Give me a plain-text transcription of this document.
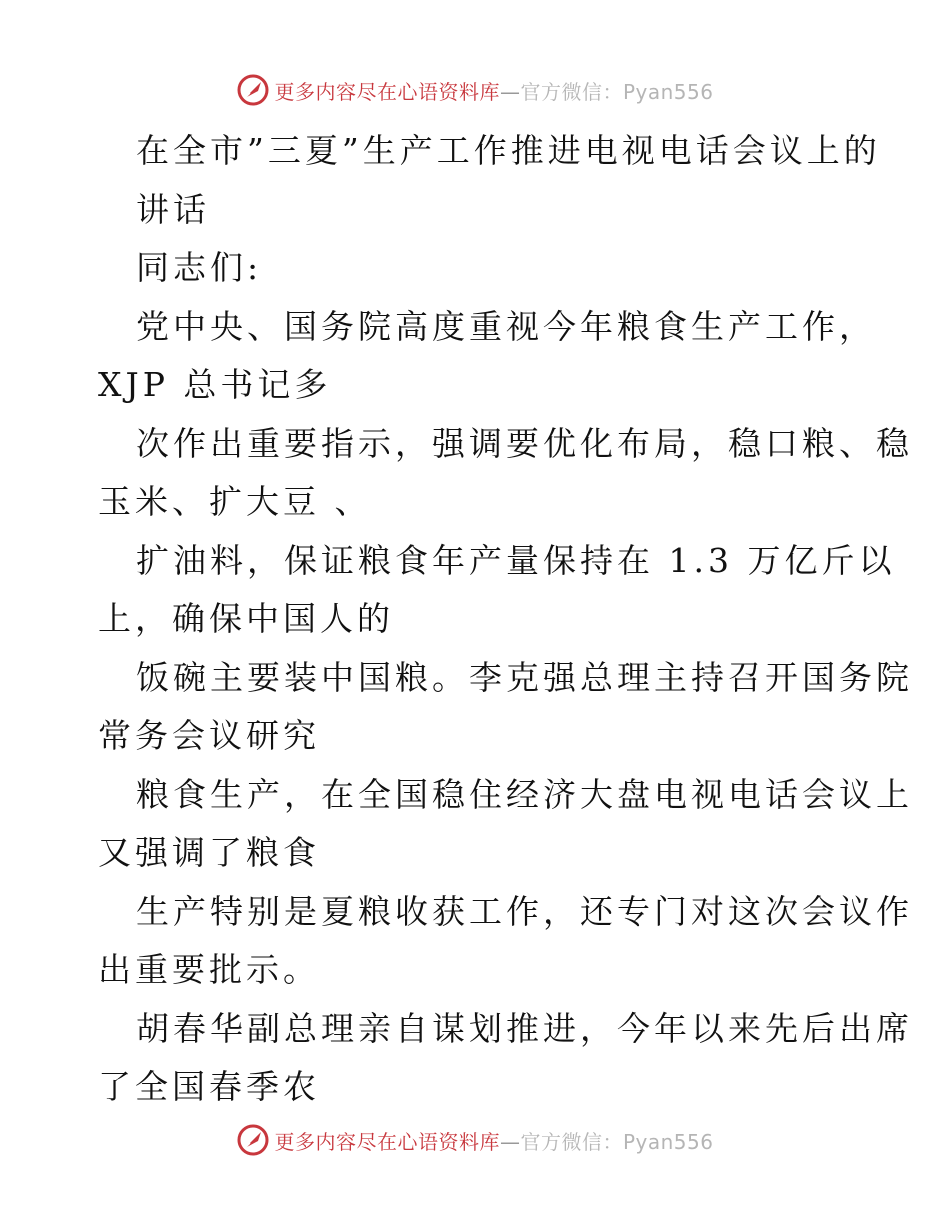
更多内容尽在心语资料库—官方微信：Pyan556
在全市”三夏”生产工作推进电视电话会议上的
讲话
同志们:
党中央、国务院高度重视今年粮食生产工作，
XJP 总书记多
次作出重要指示，强调要优化布局，稳口粮、稳
玉米、扩大豆 、
扩油料，保证粮食年产量保持在 1.3 万亿斤以
上，确保中国人的
饭碗主要装中国粮。李克强总理主持召开国务院
常务会议研究
粮食生产，在全国稳住经济大盘电视电话会议上
又强调了粮食
生产特别是夏粮收获工作，还专门对这次会议作
出重要批示。
胡春华副总理亲自谋划推进，今年以来先后出席
了全国春季农
更多内容尽在心语资料库—官方微信：Pyan556
